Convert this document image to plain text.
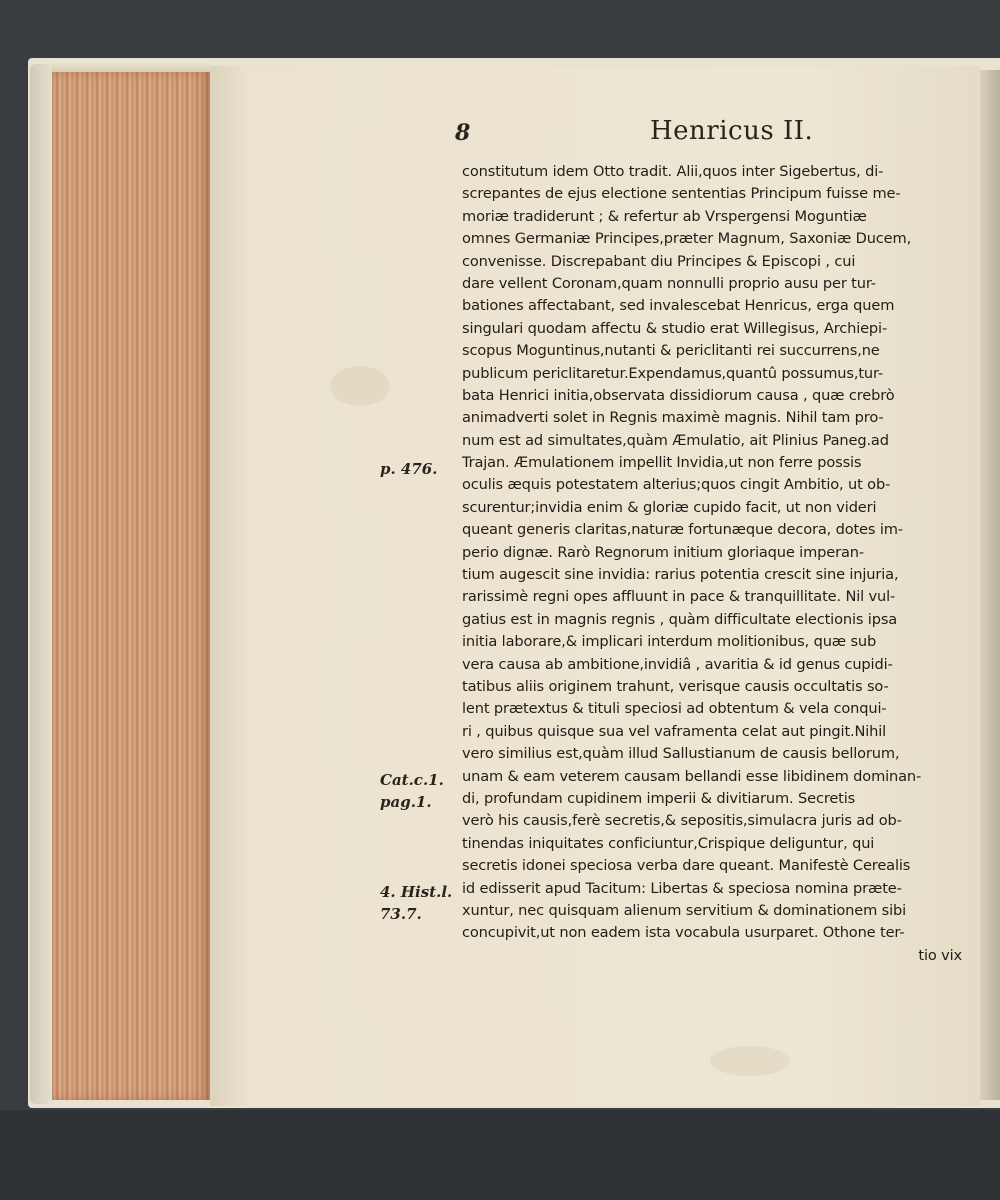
8	Henricus II.
constitutum idem Otto tradit. Alii,quos inter Sigebertus, di-
screpantes de ejus electione sententias Principum fuisse me-
moriæ tradiderunt ; & refertur ab Vrspergensi Moguntiæ
omnes Germaniæ Principes,præter Magnum, Saxoniæ Ducem,
convenisse. Discrepabant diu Principes & Episcopi , cui
dare vellent Coronam,quam nonnulli proprio ausu per tur-
bationes affectabant, sed invalescebat Henricus, erga quem
singulari quodam affectu & studio erat Willegisus, Archiepi-
scopus Moguntinus,nutanti & periclitanti rei succurrens,ne
publicum periclitaretur.Expendamus,quantû possumus,tur-
bata Henrici initia,observata dissidiorum causa , quæ crebrò
animadverti solet in Regnis maximè magnis. Nihil tam pro-
num est ad simultates,quàm Æmulatio, ait Plinius Paneg.ad
Trajan. Æmulationem impellit Invidia,ut non ferre possis
oculis æquis potestatem alterius;quos cingit Ambitio, ut ob-
scurentur;invidia enim & gloriæ cupido facit, ut non videri
queant generis claritas,naturæ fortunæque decora, dotes im-
perio dignæ. Rarò Regnorum initium gloriaque imperan-
tium augescit sine invidia: rarius potentia crescit sine injuria,
rarissimè regni opes affluunt in pace & tranquillitate. Nil vul-
gatius est in magnis regnis , quàm difficultate electionis ipsa
initia laborare,& implicari interdum molitionibus, quæ sub
vera causa ab ambitione,invidiâ , avaritia & id genus cupidi-
tatibus aliis originem trahunt, verisque causis occultatis so-
lent prætextus & tituli speciosi ad obtentum & vela conqui-
ri , quibus quisque sua vel vaframenta celat aut pingit.Nihil
vero similius est,quàm illud Sallustianum de causis bellorum,
unam & eam veterem causam bellandi esse libidinem dominan-
di, profundam cupidinem imperii & divitiarum. Secretis
verò his causis,ferè secretis,& sepositis,simulacra juris ad ob-
tinendas iniquitates conficiuntur,Crispique deliguntur, qui
secretis idonei speciosa verba dare queant. Manifestè Cerealis
id edisserit apud Tacitum: Libertas & speciosa nomina præte-
xuntur, nec quisquam alienum servitium & dominationem sibi
concupivit,ut non eadem ista vocabula usurparet. Othone ter-
tio vix
p. 476.
Cat.c.1.
pag.1.
4. Hist.l.
73.7.
